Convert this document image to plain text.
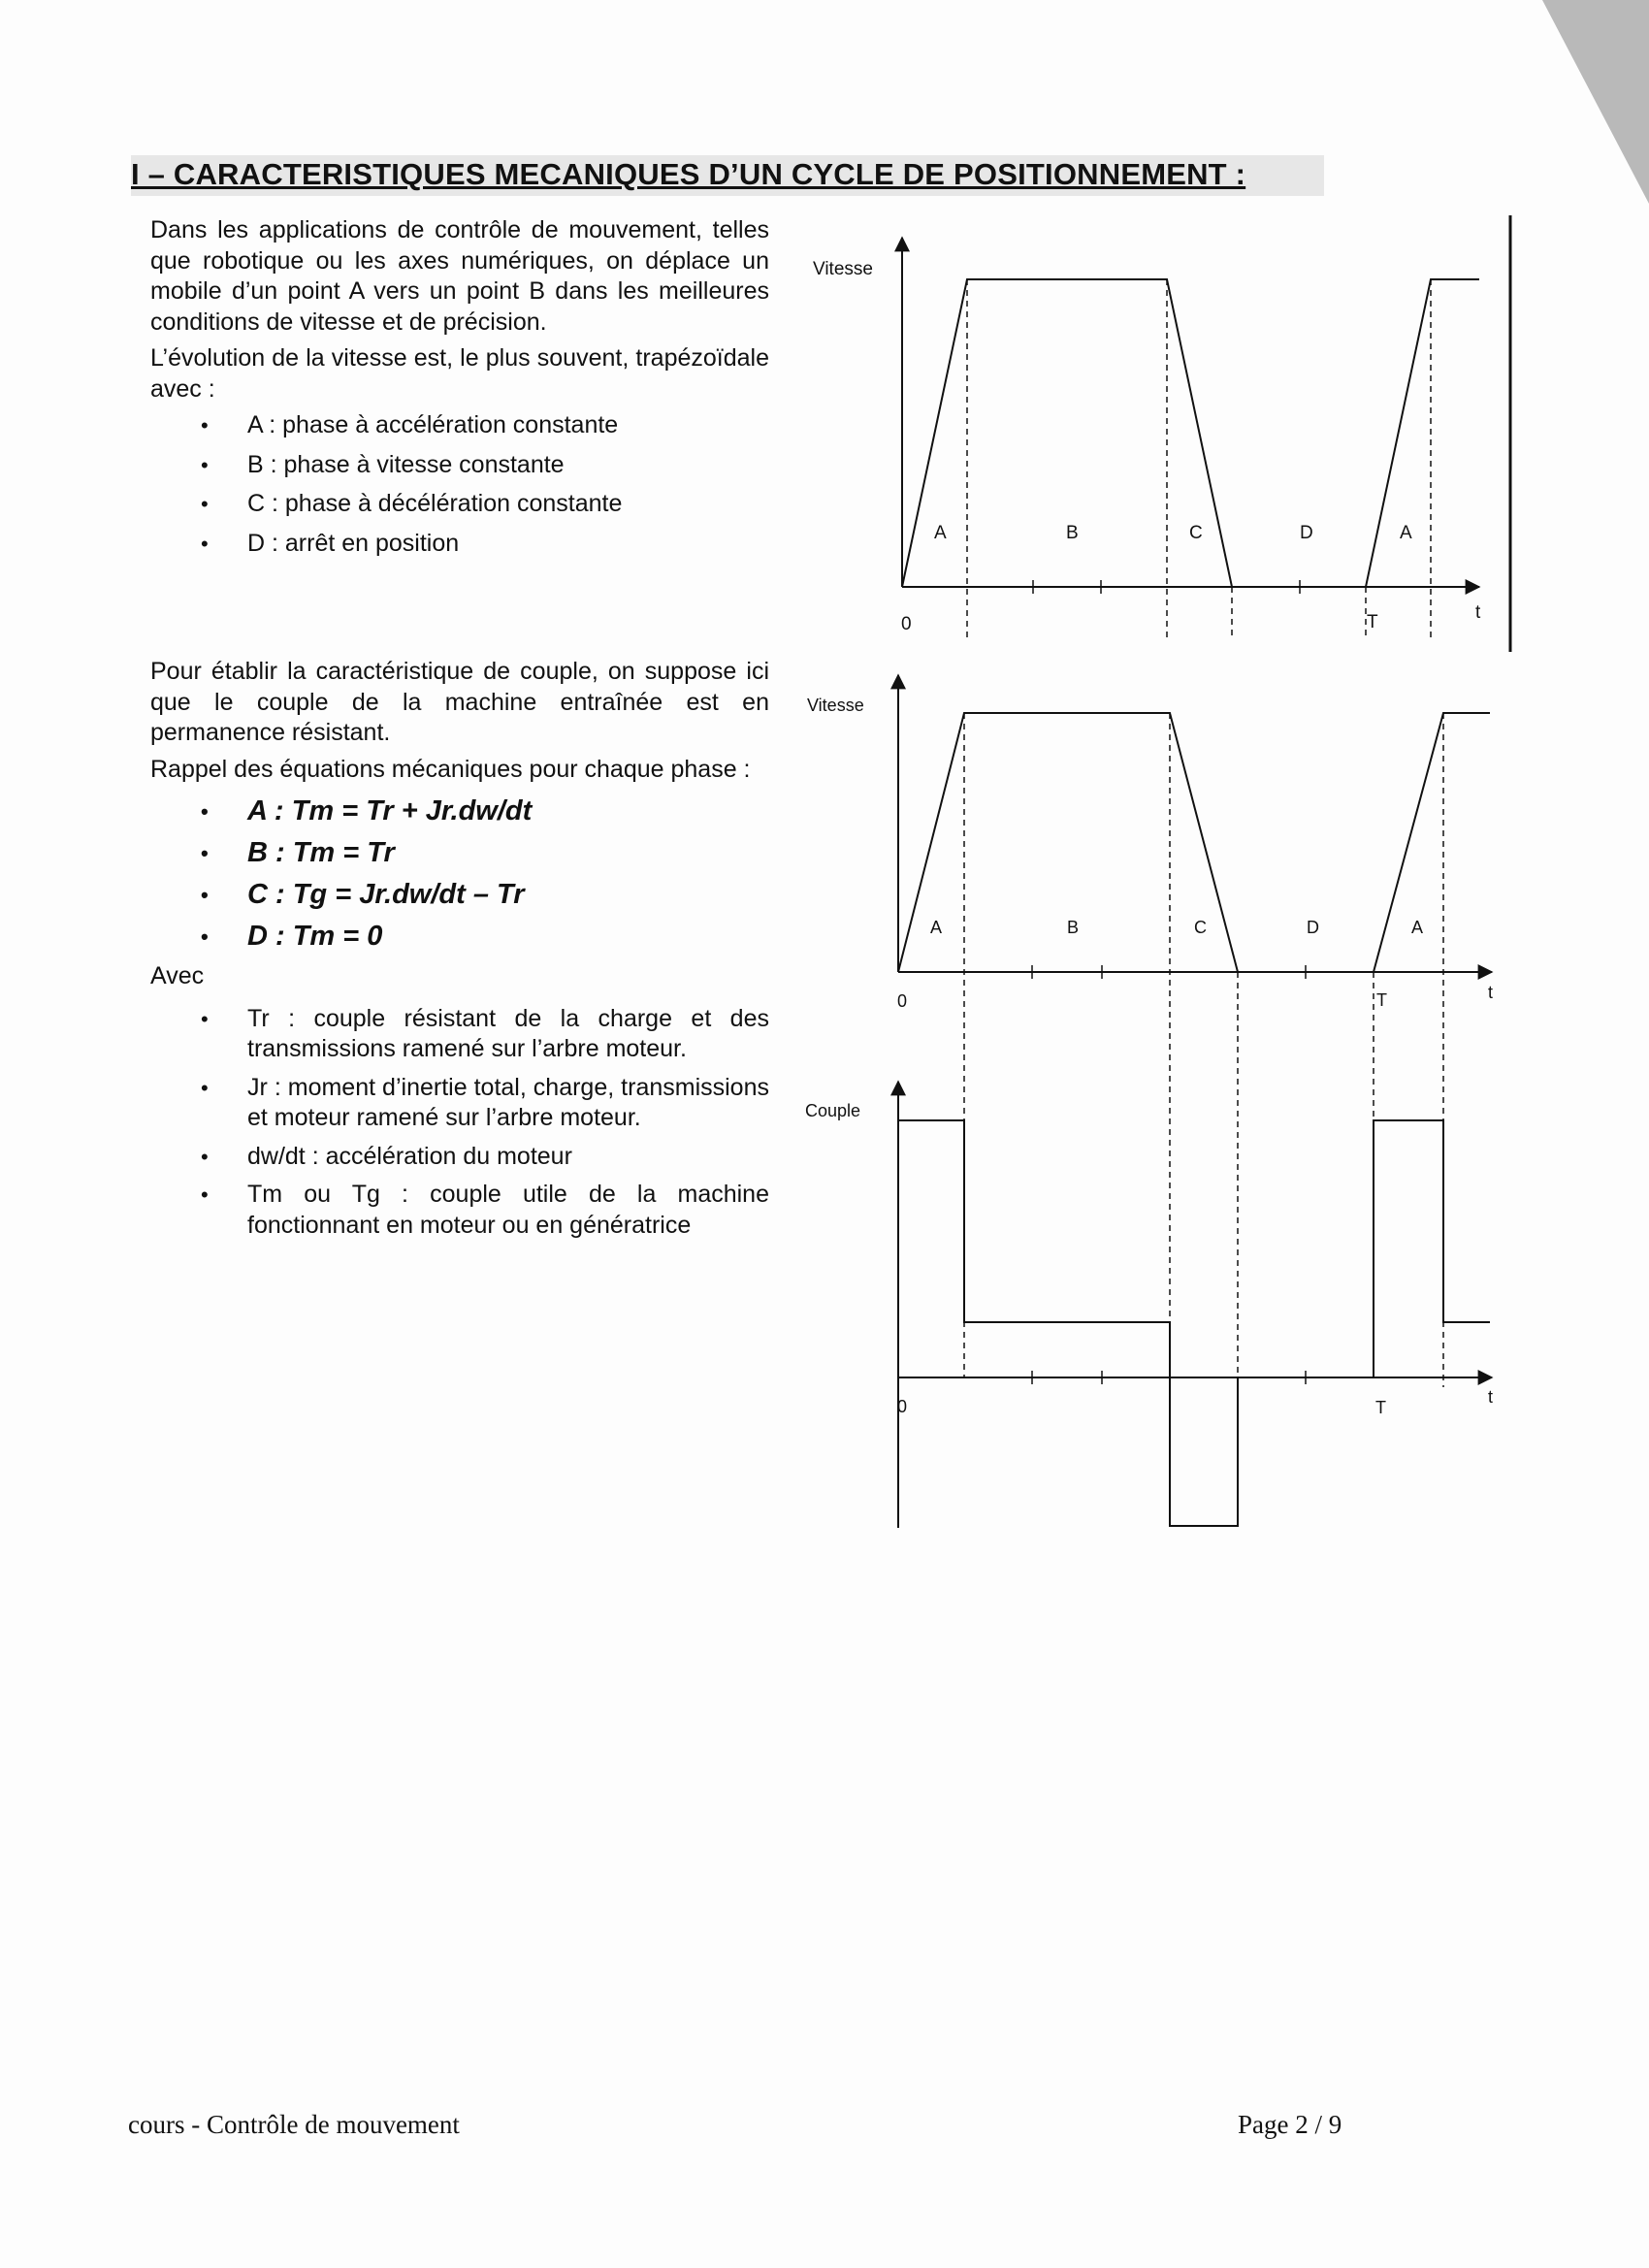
I – CARACTERISTIQUES MECANIQUES D’UN CYCLE DE POSITIONNEMENT :

Dans les applications de contrôle de mouvement, telles que robotique ou les axes numériques, on déplace un mobile d’un point A vers un point B dans les meilleures conditions de vitesse et de précision.

L’évolution de la vitesse est, le plus souvent, trapézoïdale avec :

• A : phase à accélération constante
• B : phase à vitesse constante
• C : phase à décélération constante
• D : arrêt en position

Pour établir la caractéristique de couple, on suppose ici que le couple de la machine entraînée est en permanence résistant.

Rappel des équations mécaniques pour chaque phase :

• A : Tm = Tr + Jr.dw/dt
• B : Tm = Tr
• C : Tg = Jr.dw/dt – Tr
• D : Tm = 0
Avec
• Tr : couple résistant de la charge et des transmissions ramené sur l’arbre moteur.
• Jr : moment d’inertie total, charge, transmissions et moteur ramené sur l’arbre moteur.
• dw/dt : accélération du moteur
• Tm ou Tg : couple utile de la machine fonctionnant en moteur ou en génératrice
Vitesse
0	T	t
A	B	C	D	A
Vitesse
0	T	t
A	B	C	D	A
Couple
0	T
t
cours - Contrôle de mouvement	Page 2 / 9
